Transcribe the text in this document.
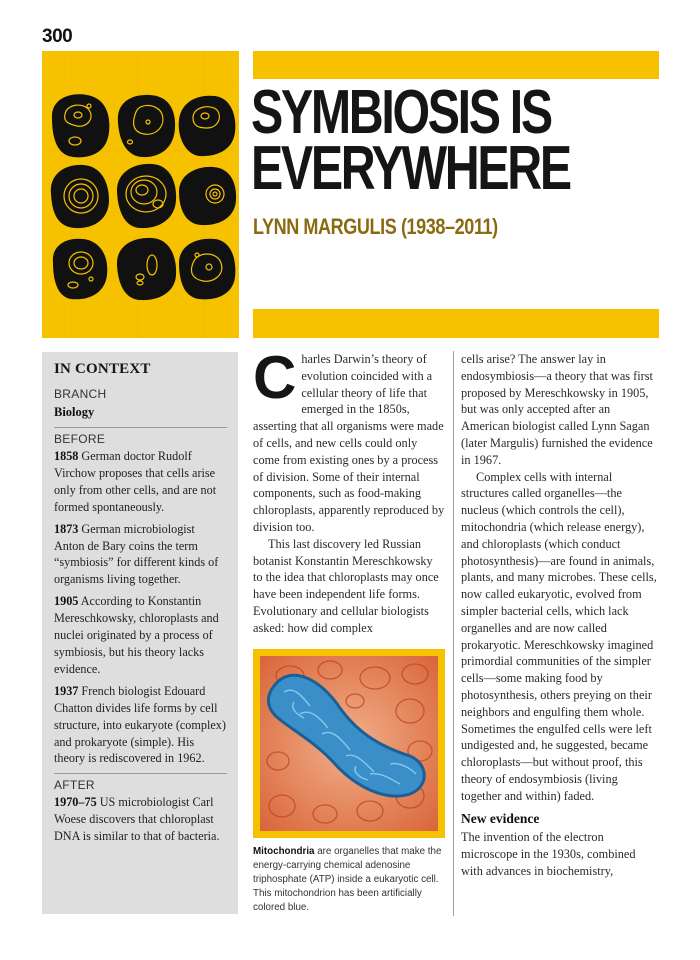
300
SYMBIOSIS IS
EVERYWHERE
LYNN MARGULIS (1938–2011)
IN CONTEXT
BRANCH
Biology
BEFORE

1858 German doctor Rudolf Virchow proposes that cells arise only from other cells, and are not formed spontaneously.

1873 German microbiologist Anton de Bary coins the term “symbiosis” for different kinds of organisms living together.

1905 According to Konstantin Mereschkowsky, chloroplasts and nuclei originated by a process of symbiosis, but his theory lacks evidence.

1937 French biologist Edouard Chatton divides life forms by cell structure, into eukaryote (complex) and prokaryote (simple). His theory is rediscovered in 1962.

AFTER

1970–75 US microbiologist Carl Woese discovers that chloroplast DNA is similar to that of bacteria.

Charles Darwin’s theory of evolution coincided with a cellular theory of life that emerged in the 1850s, asserting that all organisms were made of cells, and new cells could only come from existing ones by a process of division. Some of their internal components, such as food-making chloroplasts, apparently reproduced by division too.

This last discovery led Russian botanist Konstantin Mereschkowsky to the idea that chloroplasts may once have been independent life forms. Evolutionary and cellular biologists asked: how did complex

Mitochondria are organelles that make the energy-carrying chemical adenosine triphosphate (ATP) inside a eukaryotic cell. This mitochondrion has been artificially colored blue.

cells arise? The answer lay in endosymbiosis—a theory that was first proposed by Mereschkowsky in 1905, but was only accepted after an American biologist called Lynn Sagan (later Margulis) furnished the evidence in 1967.

Complex cells with internal structures called organelles—the nucleus (which controls the cell), mitochondria (which release energy), and chloroplasts (which conduct photosynthesis)—are found in animals, plants, and many microbes. These cells, now called eukaryotic, evolved from simpler bacterial cells, which lack organelles and are now called prokaryotic. Mereschkowsky imagined primordial communities of the simpler cells—some making food by photosynthesis, others preying on their neighbors and engulfing them whole. Sometimes the engulfed cells were left undigested and, he suggested, became chloroplasts—but without proof, this theory of endosymbiosis (living together and within) faded.

New evidence

The invention of the electron microscope in the 1930s, combined with advances in biochemistry,
